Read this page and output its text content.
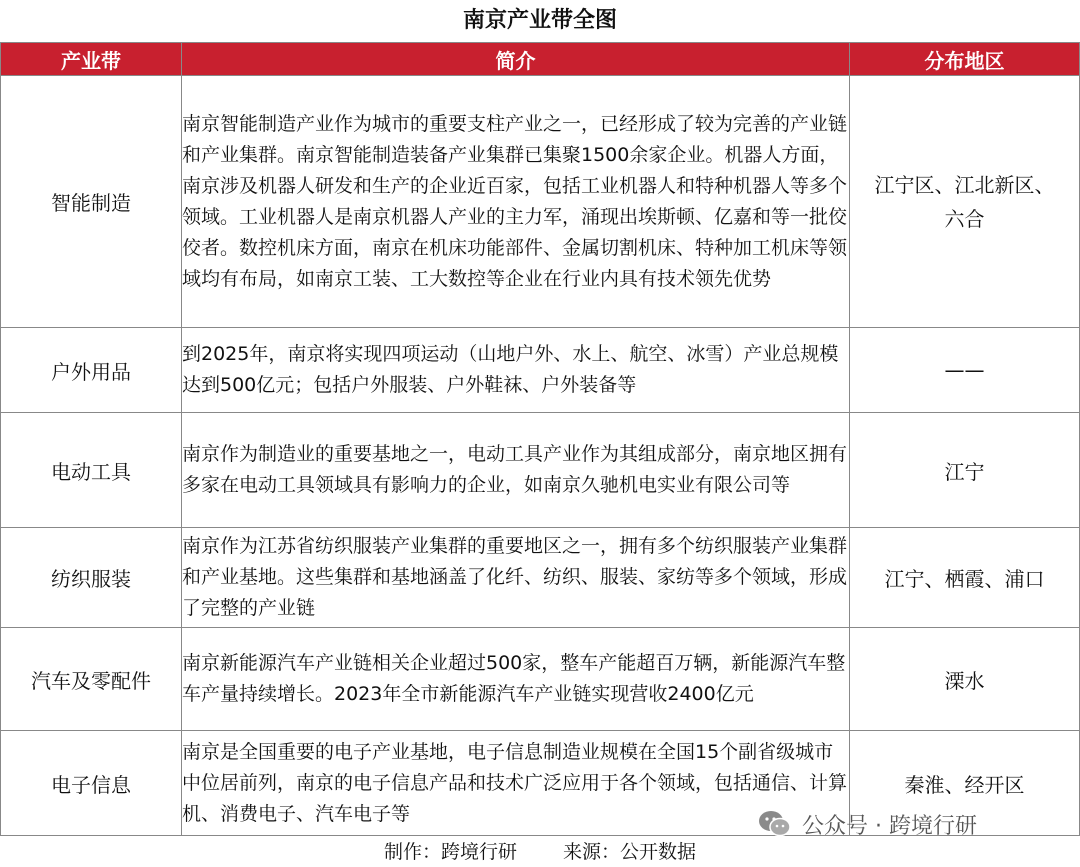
南京产业带全图
产业带	简介	分布地区
智能制造	南京智能制造产业作为城市的重要支柱产业之一，已经形成了较为完善的产业链和产业集群。南京智能制造装备产业集群已集聚1500余家企业。机器人方面，南京涉及机器人研发和生产的企业近百家，包括工业机器人和特种机器人等多个领域。工业机器人是南京机器人产业的主力军，涌现出埃斯顿、亿嘉和等一批佼佼者。数控机床方面，南京在机床功能部件、金属切割机床、特种加工机床等领域均有布局，如南京工装、工大数控等企业在行业内具有技术领先优势	江宁区、江北新区、六合

户外用品	到2025年，南京将实现四项运动（山地户外、水上、航空、冰雪）产业总规模达到500亿元；包括户外服装、户外鞋袜、户外装备等	——
电动工具	南京作为制造业的重要基地之一，电动工具产业作为其组成部分，南京地区拥有多家在电动工具领域具有影响力的企业，如南京久驰机电实业有限公司等	江宁
纺织服装	南京作为江苏省纺织服装产业集群的重要地区之一，拥有多个纺织服装产业集群和产业基地。这些集群和基地涵盖了化纤、纺织、服装、家纺等多个领域，形成了完整的产业链	江宁、栖霞、浦口
汽车及零配件	南京新能源汽车产业链相关企业超过500家，整车产能超百万辆，新能源汽车整车产量持续增长。2023年全市新能源汽车产业链实现营收2400亿元	溧水
电子信息	南京是全国重要的电子产业基地，电子信息制造业规模在全国15个副省级城市中位居前列，南京的电子信息产品和技术广泛应用于各个领域，包括通信、计算机、消费电子、汽车电子等	秦淮、经开区
公众号 · 跨境行研
制作：跨境行研 来源：公开数据
